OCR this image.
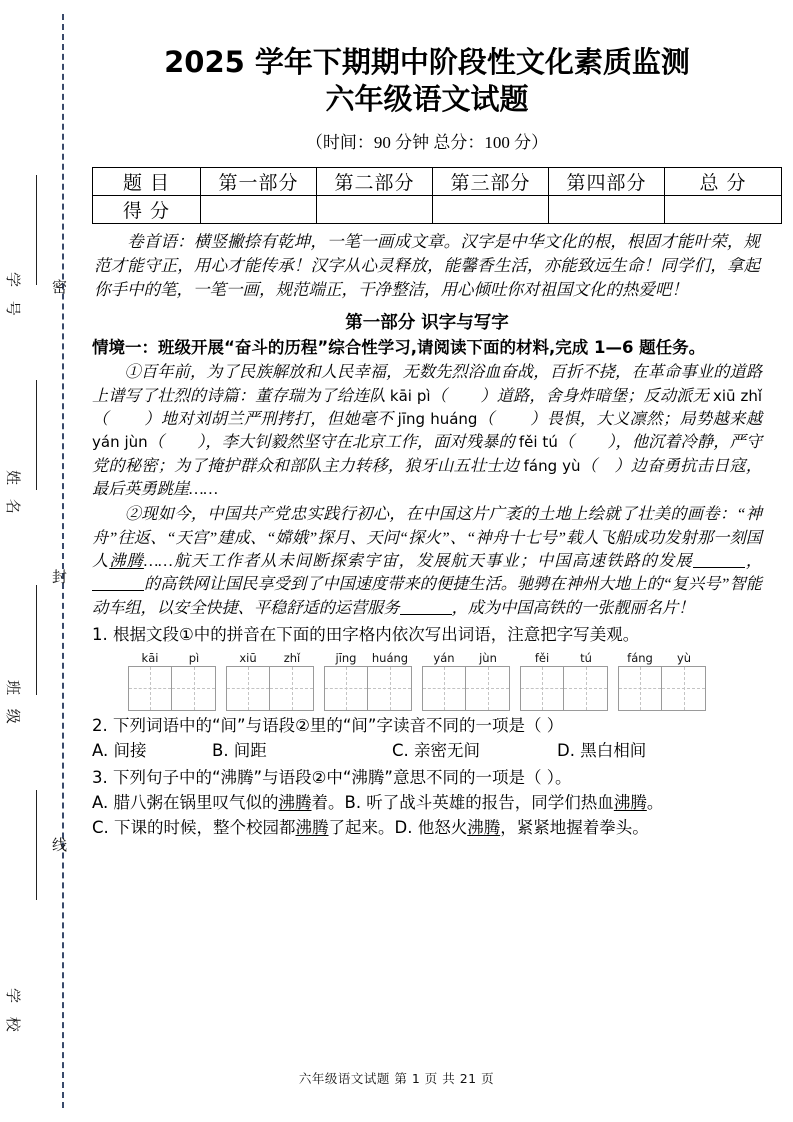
学 号
姓 名
班 级
学 校
密
封
线
2025 学年下期期中阶段性文化素质监测
六年级语文试题
（时间：90 分钟 总分：100 分）
题 目	第一部分	第二部分	第三部分	第四部分	总 分
得 分					
卷首语：横竖撇捺有乾坤，一笔一画成文章。汉字是中华文化的根，根固才能叶荣，规范才能守正，用心才能传承！汉字从心灵释放，能馨香生活，亦能致远生命！同学们，拿起你手中的笔，一笔一画，规范端正，干净整洁，用心倾吐你对祖国文化的热爱吧！
第一部分 识字与写字
情境一：班级开展“奋斗的历程”综合性学习,请阅读下面的材料,完成 1—6 题任务。
①百年前，为了民族解放和人民幸福，无数先烈浴血奋战，百折不挠，在革命事业的道路上谱写了壮烈的诗篇：董存瑞为了给连队 kāi pì（        ）道路，舍身炸暗堡；反动派无 xiū zhǐ（        ）地对刘胡兰严刑拷打，但她毫不 jīng huáng（        ）畏惧，大义凛然；局势越来越 yán jùn（        ），李大钊毅然坚守在北京工作，面对残暴的 fěi tú（        ），他沉着冷静，严守党的秘密；为了掩护群众和部队主力转移，狼牙山五壮士边 fáng yù（    ）边奋勇抗击日寇，最后英勇跳崖……
②现如今，中国共产党忠实践行初心，在中国这片广袤的土地上绘就了壮美的画卷：“神舟”往返、“天宫”建成、“嫦娥”探月、天问“探火”、“神舟十七号”载人飞船成功发射那一刻国人沸腾……航天工作者从未间断探索宇宙，发展航天事业；中国高速铁路的发展	，的高铁网让国民享受到了中国速度带来的便捷生活。驰骋在神州大地上的“复兴号”智能动车组，以安全快捷、平稳舒适的运营服务	，成为中国高铁的一张靓丽名片！
1. 根据文段①中的拼音在下面的田字格内依次写出词语，注意把字写美观。
kāi	pì	xiū	zhǐ	jīng	huáng	yán	jùn	fěi	tú	fáng	yù
2. 下列词语中的“间”与语段②里的“间”字读音不同的一项是（ ）
A. 间接	B. 间距	C. 亲密无间	D. 黑白相间
3. 下列句子中的“沸腾”与语段②中“沸腾”意思不同的一项是（ ）。
A. 腊八粥在锅里叹气似的沸腾着。B. 听了战斗英雄的报告，同学们热血沸腾。
C. 下课的时候，整个校园都沸腾了起来。D. 他怒火沸腾，紧紧地握着拳头。
六年级语文试题 第 1 页 共 21 页
